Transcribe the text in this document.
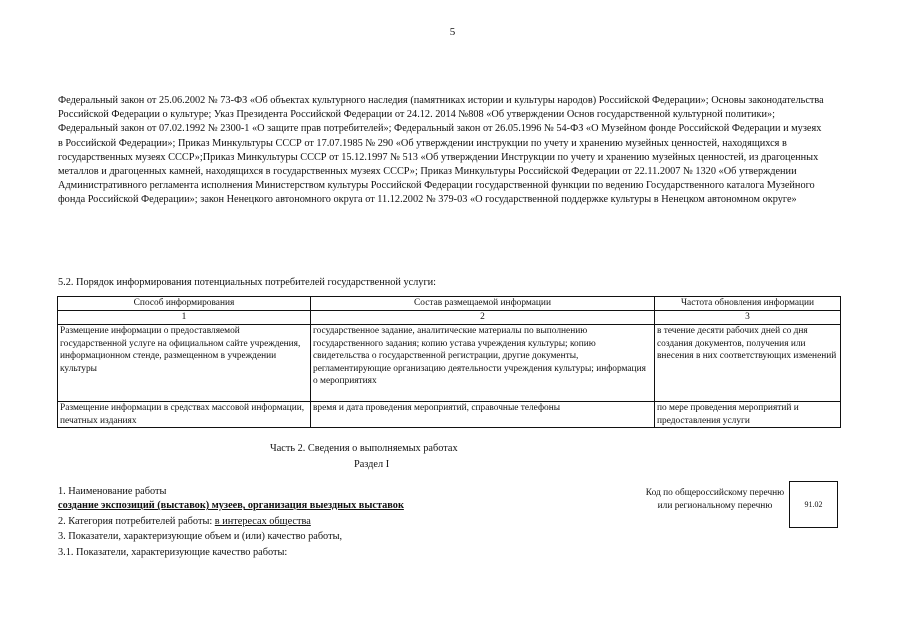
5
Федеральный закон от 25.06.2002 № 73-ФЗ «Об объектах культурного наследия (памятниках истории и культуры народов) Российской Федерации»; Основы законодательства Российской Федерации о культуре; Указ Президента Российской Федерации от 24.12. 2014 №808 «Об утверждении Основ государственной культурной политики»; Федеральный закон от 07.02.1992 № 2300-1 «О защите прав потребителей»; Федеральный закон от 26.05.1996 № 54-ФЗ «О Музейном фонде Российской Федерации и музеях в Российской Федерации»; Приказ Минкультуры СССР от 17.07.1985 № 290 «Об утверждении инструкции по учету и хранению музейных ценностей, находящихся в государственных музеях СССР»;Приказ Минкультуры СССР от 15.12.1997 № 513 «Об утверждении Инструкции по учету и хранению музейных ценностей, из драгоценных металлов и драгоценных камней, находящихся в государственных музеях СССР»; Приказ Минкультуры Российской Федерации от 22.11.2007 № 1320 «Об утверждении Административного регламента исполнения Министерством культуры Российской Федерации государственной функции по ведению Государственного каталога Музейного фонда Российской Федерации»; закон Ненецкого автономного округа от 11.12.2002 № 379-03 «О государственной поддержке культуры в Ненецком автономном округе»
5.2. Порядок информирования потенциальных потребителей государственной услуги:
Способ информирования	Состав размещаемой информации	Частота обновления информации
1	2	3
Размещение информации о предоставляемой государственной услуге на официальном сайте учреждения, информационном стенде, размещенном в учреждении культуры	государственное задание, аналитические материалы по выполнению государственного задания; копию устава учреждения культуры; копию свидетельства о государственной регистрации, другие документы, регламентирующие организацию деятельности учреждения культуры; информация о мероприятиях	в течение десяти рабочих дней со дня создания документов, получения или внесения в них соответствующих изменений
Размещение информации в средствах массовой информации, печатных изданиях	время и дата проведения мероприятий, справочные телефоны	по мере проведения мероприятий и предоставления услуги
Часть 2. Сведения о выполняемых работах
Раздел I
1. Наименование работы
создание экспозиций (выставок) музеев, организация выездных выставок
2. Категория потребителей работы: в интересах общества
3. Показатели, характеризующие объем и (или) качество работы,
3.1. Показатели, характеризующие качество работы:
Код по общероссийскому перечню или региональному перечню	91.02
